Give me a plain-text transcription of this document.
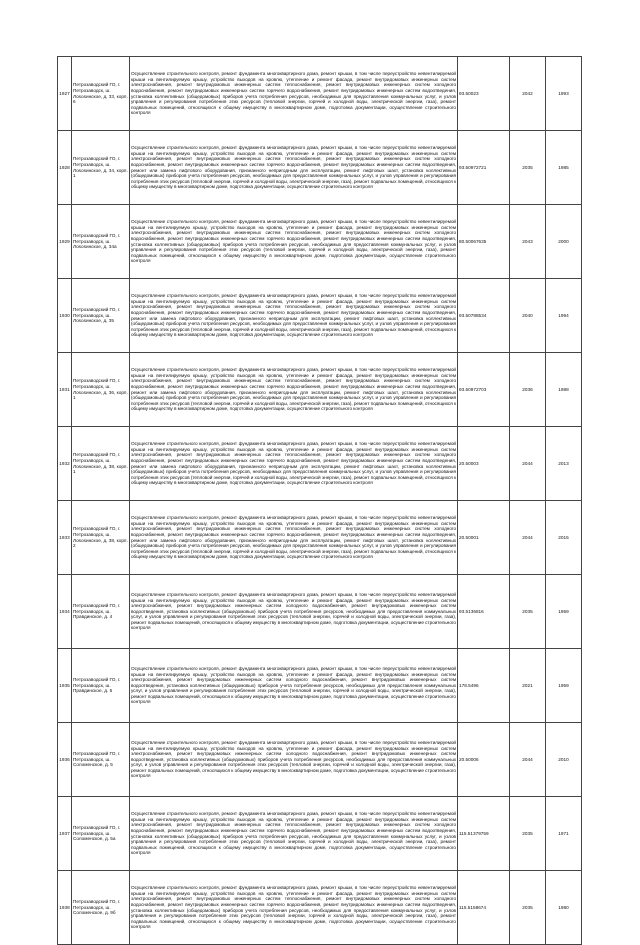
1927	Петрозаводский ГО, г. Петрозаводск, ш. Лososинское, д. 33, корп. 6	Осуществление строительного контроля, ремонт фундамента многоквартирного дома, ремонт крыши, в том числе переустройство невентилируемой крыши на вентилируемую крышу, устройство выходов на кровлю, утепление и ремонт фасада, ремонт внутридомовых инженерных систем электроснабжения, ремонт внутридомовых инженерных систем теплоснабжения, ремонт внутридомовых инженерных систем холодного водоснабжения, ремонт внутридомовых инженерных систем горячего водоснабжения, ремонт внутридомовых инженерных систем водоотведения, установка коллективных (общедомовых) приборов учета потребления ресурсов, необходимых для предоставления коммунальных услуг, и узлов управления и регулирования потребления этих ресурсов (тепловой энергии, горячей и холодной воды, электрической энергии, газа), ремонт подвальных помещений, относящихся к общему имуществу в многоквартирном доме, подготовка документации, осуществление строительного контроля	93.50023	2042	1993
1928	Петрозаводский ГО, г. Петрозаводск, ш. Лososинское, д. 34, корп. 1	Осуществление строительного контроля, ремонт фундамента многоквартирного дома, ремонт крыши, в том числе переустройство невентилируемой крыши на вентилируемую крышу, устройство выходов на кровлю, утепление и ремонт фасада, ремонт внутридомовых инженерных систем электроснабжения, ремонт внутридомовых инженерных систем теплоснабжения, ремонт внутридомовых инженерных систем холодного водоснабжения, ремонт внутридомовых инженерных систем горячего водоснабжения, ремонт внутридомовых инженерных систем водоотведения, ремонт или замена лифтового оборудования, признанного непригодным для эксплуатации, ремонт лифтовых шахт, установка коллективных (общедомовых) приборов учета потребления ресурсов, необходимых для предоставления коммунальных услуг, и узлов управления и регулирования потребления этих ресурсов (тепловой энергии, горячей и холодной воды, электрической энергии, газа), ремонт подвальных помещений, относящихся к общему имуществу в многоквартирном доме, подготовка документации, осуществление строительного контроля	93.50972721	2035	1985
1929	Петрозаводский ГО, г. Петрозаводск, ш. Лososинское, д. 34а	Осуществление строительного контроля, ремонт фундамента многоквартирного дома, ремонт крыши, в том числе переустройство невентилируемой крыши на вентилируемую крышу, устройство выходов на кровлю, утепление и ремонт фасада, ремонт внутридомовых инженерных систем электроснабжения, ремонт внутридомовых инженерных систем теплоснабжения, ремонт внутридомовых инженерных систем холодного водоснабжения, ремонт внутридомовых инженерных систем горячего водоснабжения, ремонт внутридомовых инженерных систем водоотведения, установка коллективных (общедомовых) приборов учета потребления ресурсов, необходимых для предоставления коммунальных услуг, и узлов управления и регулирования потребления этих ресурсов (тепловой энергии, горячей и холодной воды, электрической энергии, газа), ремонт подвальных помещений, относящихся к общему имуществу в многоквартирном доме, подготовка документации, осуществление строительного контроля	80.50067635	2043	2000
1930	Петрозаводский ГО, г. Петрозаводск, ш. Лososинское, д. 35	Осуществление строительного контроля, ремонт фундамента многоквартирного дома, ремонт крыши, в том числе переустройство невентилируемой крыши на вентилируемую крышу, устройство выходов на кровлю, утепление и ремонт фасада, ремонт внутридомовых инженерных систем электроснабжения, ремонт внутридомовых инженерных систем теплоснабжения, ремонт внутридомовых инженерных систем холодного водоснабжения, ремонт внутридомовых инженерных систем горячего водоснабжения, ремонт внутридомовых инженерных систем водоотведения, ремонт или замена лифтового оборудования, признанного непригодным для эксплуатации, ремонт лифтовых шахт, установка коллективных (общедомовых) приборов учета потребления ресурсов, необходимых для предоставления коммунальных услуг, и узлов управления и регулирования потребления этих ресурсов (тепловой энергии, горячей и холодной воды, электрической энергии, газа), ремонт подвальных помещений, относящихся к общему имуществу в многоквартирном доме, подготовка документации, осуществление строительного контроля	93.50788534	2040	1994
1931	Петрозаводский ГО, г. Петрозаводск, ш. Лososинское, д. 36, корп. 1	Осуществление строительного контроля, ремонт фундамента многоквартирного дома, ремонт крыши, в том числе переустройство невентилируемой крыши на вентилируемую крышу, устройство выходов на кровлю, утепление и ремонт фасада, ремонт внутридомовых инженерных систем электроснабжения, ремонт внутридомовых инженерных систем теплоснабжения, ремонт внутридомовых инженерных систем холодного водоснабжения, ремонт внутридомовых инженерных систем горячего водоснабжения, ремонт внутридомовых инженерных систем водоотведения, ремонт или замена лифтового оборудования, признанного непригодным для эксплуатации, ремонт лифтовых шахт, установка коллективных (общедомовых) приборов учета потребления ресурсов, необходимых для предоставления коммунальных услуг, и узлов управления и регулирования потребления этих ресурсов (тепловой энергии, горячей и холодной воды, электрической энергии, газа), ремонт подвальных помещений, относящихся к общему имуществу в многоквартирном доме, подготовка документации, осуществление строительного контроля	93.50972703	2036	1988
1932	Петрозаводский ГО, г. Петрозаводск, ш. Лososинское, д. 38, корп. 1	Осуществление строительного контроля, ремонт фундамента многоквартирного дома, ремонт крыши, в том числе переустройство невентилируемой крыши на вентилируемую крышу, устройство выходов на кровлю, утепление и ремонт фасада, ремонт внутридомовых инженерных систем электроснабжения, ремонт внутридомовых инженерных систем теплоснабжения, ремонт внутридомовых инженерных систем холодного водоснабжения, ремонт внутридомовых инженерных систем горячего водоснабжения, ремонт внутридомовых инженерных систем водоотведения, ремонт или замена лифтового оборудования, признанного непригодным для эксплуатации, ремонт лифтовых шахт, установка коллективных (общедомовых) приборов учета потребления ресурсов, необходимых для предоставления коммунальных услуг, и узлов управления и регулирования потребления этих ресурсов (тепловой энергии, горячей и холодной воды, электрической энергии, газа), ремонт подвальных помещений, относящихся к общему имуществу в многоквартирном доме, подготовка документации, осуществление строительного контроля	20.50003	2044	2013
1933	Петрозаводский ГО, г. Петрозаводск, ш. Лososинское, д. 38, корп. 2	Осуществление строительного контроля, ремонт фундамента многоквартирного дома, ремонт крыши, в том числе переустройство невентилируемой крыши на вентилируемую крышу, устройство выходов на кровлю, утепление и ремонт фасада, ремонт внутридомовых инженерных систем электроснабжения, ремонт внутридомовых инженерных систем теплоснабжения, ремонт внутридомовых инженерных систем холодного водоснабжения, ремонт внутридомовых инженерных систем горячего водоснабжения, ремонт внутридомовых инженерных систем водоотведения, ремонт или замена лифтового оборудования, признанного непригодным для эксплуатации, ремонт лифтовых шахт, установка коллективных (общедомовых) приборов учета потребления ресурсов, необходимых для предоставления коммунальных услуг, и узлов управления и регулирования потребления этих ресурсов (тепловой энергии, горячей и холодной воды, электрической энергии, газа), ремонт подвальных помещений, относящихся к общему имуществу в многоквартирном доме, подготовка документации, осуществление строительного контроля	20.50001	2044	2015
1934	Петрозаводский ГО, г. Петрозаводск, ш. Правдинское, д. 4	Осуществление строительного контроля, ремонт фундамента многоквартирного дома, ремонт крыши, в том числе переустройство невентилируемой крыши на вентилируемую крышу, устройство выходов на кровлю, утепление и ремонт фасада, ремонт внутридомовых инженерных систем электроснабжения, ремонт внутридомовых инженерных систем холодного водоснабжения, ремонт внутридомовых инженерных систем водоотведения, установка коллективных (общедомовых) приборов учета потребления ресурсов, необходимых для предоставления коммунальных услуг, и узлов управления и регулирования потребления этих ресурсов (тепловой энергии, горячей и холодной воды, электрической энергии, газа), ремонт подвальных помещений, относящихся к общему имуществу в многоквартирном доме, подготовка документации, осуществление строительного контроля	93.5136816	2035	1959
1935	Петрозаводский ГО, г. Петрозаводск, ш. Правдинское, д. 5	Осуществление строительного контроля, ремонт фундамента многоквартирного дома, ремонт крыши, в том числе переустройство невентилируемой крыши на вентилируемую крышу, устройство выходов на кровлю, утепление и ремонт фасада, ремонт внутридомовых инженерных систем электроснабжения, ремонт внутридомовых инженерных систем холодного водоснабжения, ремонт внутридомовых инженерных систем водоотведения, установка коллективных (общедомовых) приборов учета потребления ресурсов, необходимых для предоставления коммунальных услуг, и узлов управления и регулирования потребления этих ресурсов (тепловой энергии, горячей и холодной воды, электрической энергии, газа), ремонт подвальных помещений, относящихся к общему имуществу в многоквартирном доме, подготовка документации, осуществление строительного контроля	178.5496	2021	1959
1936	Петрозаводский ГО, г. Петрозаводск, ш. Соломенское, д. 5	Осуществление строительного контроля, ремонт фундамента многоквартирного дома, ремонт крыши, в том числе переустройство невентилируемой крыши на вентилируемую крышу, устройство выходов на кровлю, утепление и ремонт фасада, ремонт внутридомовых инженерных систем электроснабжения, ремонт внутридомовых инженерных систем холодного водоснабжения, ремонт внутридомовых инженерных систем водоотведения, установка коллективных (общедомовых) приборов учета потребления ресурсов, необходимых для предоставления коммунальных услуг, и узлов управления и регулирования потребления этих ресурсов (тепловой энергии, горячей и холодной воды, электрической энергии, газа), ремонт подвальных помещений, относящихся к общему имуществу в многоквартирном доме, подготовка документации, осуществление строительного контроля	20.50006	2044	2010
1937	Петрозаводский ГО, г. Петрозаводск, ш. Соломенское, д. 5а	Осуществление строительного контроля, ремонт фундамента многоквартирного дома, ремонт крыши, в том числе переустройство невентилируемой крыши на вентилируемую крышу, устройство выходов на кровлю, утепление и ремонт фасада, ремонт внутридомовых инженерных систем электроснабжения, ремонт внутридомовых инженерных систем теплоснабжения, ремонт внутридомовых инженерных систем холодного водоснабжения, ремонт внутридомовых инженерных систем горячего водоснабжения, ремонт внутридомовых инженерных систем водоотведения, установка коллективных (общедомовых) приборов учета потребления ресурсов, необходимых для предоставления коммунальных услуг, и узлов управления и регулирования потребления этих ресурсов (тепловой энергии, горячей и холодной воды, электрической энергии, газа), ремонт подвальных помещений, относящихся к общему имуществу в многоквартирном доме, подготовка документации, осуществление строительного контроля	115.51379759	2035	1971
1938	Петрозаводский ГО, г. Петрозаводск, ш. Соломенское, д. 9б	Осуществление строительного контроля, ремонт фундамента многоквартирного дома, ремонт крыши, в том числе переустройство невентилируемой крыши на вентилируемую крышу, устройство выходов на кровлю, утепление и ремонт фасада, ремонт внутридомовых инженерных систем электроснабжения, ремонт внутридомовых инженерных систем теплоснабжения, ремонт внутридомовых инженерных систем холодного водоснабжения, ремонт внутридомовых инженерных систем горячего водоснабжения, ремонт внутридомовых инженерных систем водоотведения, установка коллективных (общедомовых) приборов учета потребления ресурсов, необходимых для предоставления коммунальных услуг, и узлов управления и регулирования потребления этих ресурсов (тепловой энергии, горячей и холодной воды, электрической энергии, газа), ремонт подвальных помещений, относящихся к общему имуществу в многоквартирном доме, подготовка документации, осуществление строительного контроля	115.5158674	2035	1980
